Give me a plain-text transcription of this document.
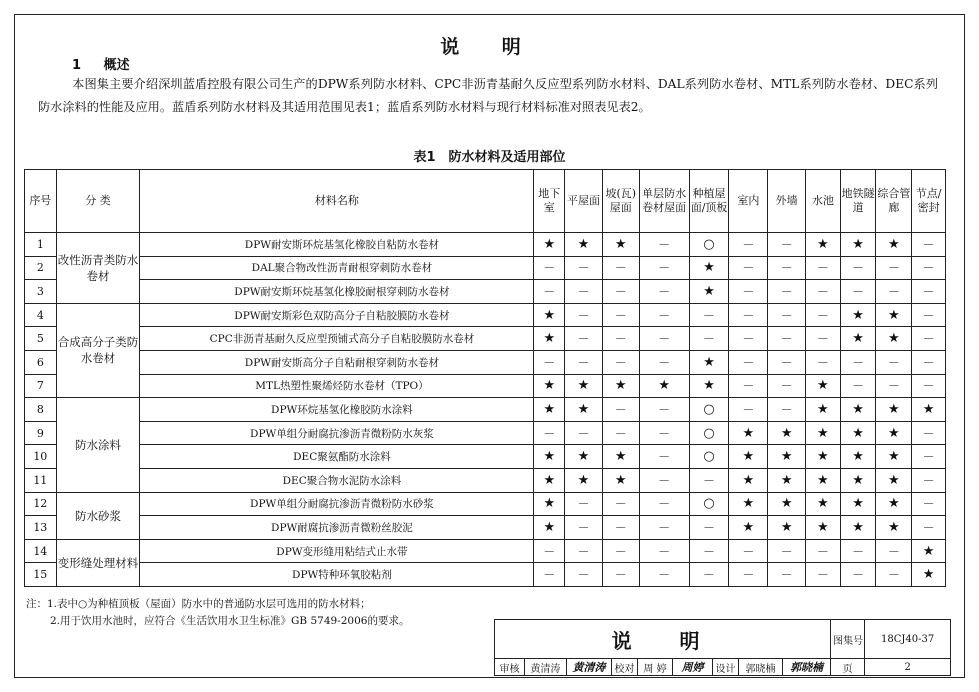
说 明
1 概述
本图集主要介绍深圳蓝盾控股有限公司生产的DPW系列防水材料、CPC非沥青基耐久反应型系列防水材料、DAL系列防水卷材、MTL系列防水卷材、DEC系列防水涂料的性能及应用。蓝盾系列防水材料及其适用范围见表1；蓝盾系列防水材料与现行材料标准对照表见表2。
表1　防水材料及适用部位
序号	分 类	材料名称	地下室	平屋面	坡(瓦)屋面	单层防水卷材屋面	种植屋面/顶板	室内	外墙	水池	地铁隧道	综合管廊	节点/密封
1	改性沥青类防水卷材	DPW耐安斯环烷基氢化橡胶自粘防水卷材	★	★	★	－	○	－	－	★	★	★	－
2		DAL聚合物改性沥青耐根穿刺防水卷材	－	－	－	－	★	－	－	－	－	－	－
3		DPW耐安斯环烷基氢化橡胶耐根穿刺防水卷材	－	－	－	－	★	－	－	－	－	－	－
4	合成高分子类防水卷材	DPW耐安斯彩色双防高分子自粘胶膜防水卷材	★	－	－	－	－	－	－	－	★	★	－
5		CPC非沥青基耐久反应型预铺式高分子自粘胶膜防水卷材	★	－	－	－	－	－	－	－	★	★	－
6		DPW耐安斯高分子自粘耐根穿刺防水卷材	－	－	－	－	★	－	－	－	－	－	－
7		MTL热塑性聚烯烃防水卷材（TPO）	★	★	★	★	★	－	－	★	－	－	－
8	防水涂料	DPW环烷基氢化橡胶防水涂料	★	★	－	－	○	－	－	★	★	★	★
9		DPW单组分耐腐抗渗沥青微粉防水灰浆	－	－	－	－	○	★	★	★	★	★	－
10		DEC聚氨酯防水涂料	★	★	★	－	○	★	★	★	★	★	－
11		DEC聚合物水泥防水涂料	★	★	★	－	－	★	★	★	★	★	－
12	防水砂浆	DPW单组分耐腐抗渗沥青微粉防水砂浆	★	－	－	－	○	★	★	★	★	★	－
13		DPW耐腐抗渗沥青微粉丝胶泥	★	－	－	－	－	★	★	★	★	★	－
14	变形缝处理材料	DPW变形缝用粘结式止水带	－	－	－	－	－	－	－	－	－	－	★
15		DPW特种环氧胶粘剂	－	－	－	－	－	－	－	－	－	－	★
注：1.表中○为种植顶板（屋面）防水中的普通防水层可选用的防水材料；
2.用于饮用水池时，应符合《生活饮用水卫生标准》GB 5749-2006的要求。
说　明									图集号	18CJ40-37

审核	黄清涛	黄清涛	校对	周 婷	周婷	设计	郭晓楠	郭晓楠	页	2
